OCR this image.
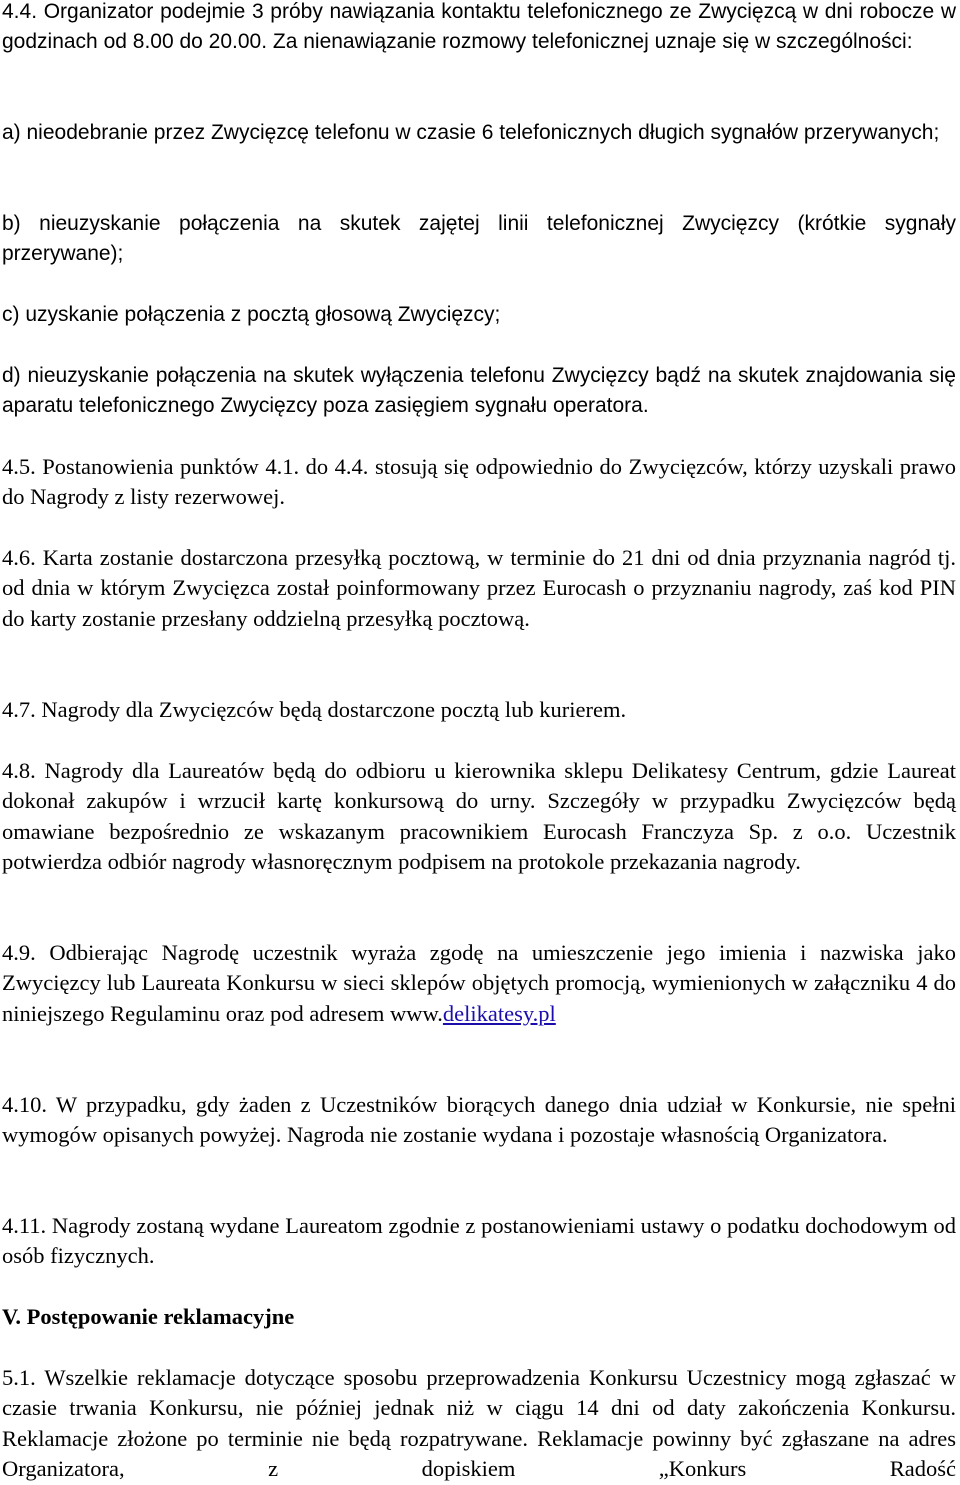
4.4. Organizator podejmie 3 próby nawiązania kontaktu telefonicznego ze Zwycięzcą w dni robocze w godzinach od 8.00 do 20.00. Za nienawiązanie rozmowy telefonicznej uznaje się w szczególności:

a) nieodebranie przez Zwycięzcę telefonu w czasie 6 telefonicznych długich sygnałów przerywanych;

b) nieuzyskanie połączenia na skutek zajętej linii telefonicznej Zwycięzcy (krótkie sygnały przerywane);

c) uzyskanie połączenia z pocztą głosową Zwycięzcy;

d) nieuzyskanie połączenia na skutek wyłączenia telefonu Zwycięzcy bądź na skutek znajdowania się aparatu telefonicznego Zwycięzcy poza zasięgiem sygnału operatora.

4.5. Postanowienia punktów 4.1. do 4.4. stosują się odpowiednio do Zwycięzców, którzy uzyskali prawo do Nagrody z listy rezerwowej.

4.6. Karta zostanie dostarczona przesyłką pocztową, w terminie do 21 dni od dnia przyznania nagród tj. od dnia w którym Zwycięzca został poinformowany przez Eurocash o przyznaniu nagrody, zaś kod PIN do karty zostanie przesłany oddzielną przesyłką pocztową.

4.7. Nagrody dla Zwycięzców będą dostarczone pocztą lub kurierem.

4.8. Nagrody dla Laureatów będą do odbioru u kierownika sklepu Delikatesy Centrum, gdzie Laureat dokonał zakupów i wrzucił kartę konkursową do urny. Szczegóły w przypadku Zwycięzców będą omawiane bezpośrednio ze wskazanym pracownikiem Eurocash Franczyza Sp. z o.o. Uczestnik potwierdza odbiór nagrody własnoręcznym podpisem na protokole przekazania nagrody.

4.9. Odbierając Nagrodę uczestnik wyraża zgodę na umieszczenie jego imienia i nazwiska jako Zwycięzcy lub Laureata Konkursu w sieci sklepów objętych promocją, wymienionych w załączniku 4 do niniejszego Regulaminu oraz pod adresem www.delikatesy.pl

4.10. W przypadku, gdy żaden z Uczestników biorących danego dnia udział w Konkursie, nie spełni wymogów opisanych powyżej. Nagroda nie zostanie wydana i pozostaje własnością Organizatora.

4.11. Nagrody zostaną wydane Laureatom zgodnie z postanowieniami ustawy o podatku dochodowym od osób fizycznych.

V. Postępowanie reklamacyjne

5.1. Wszelkie reklamacje dotyczące sposobu przeprowadzenia Konkursu Uczestnicy mogą zgłaszać w czasie trwania Konkursu, nie później jednak niż w ciągu 14 dni od daty zakończenia Konkursu. Reklamacje złożone po terminie nie będą rozpatrywane. Reklamacje powinny być zgłaszane na adres Organizatora, z dopiskiem „Konkurs Radość
